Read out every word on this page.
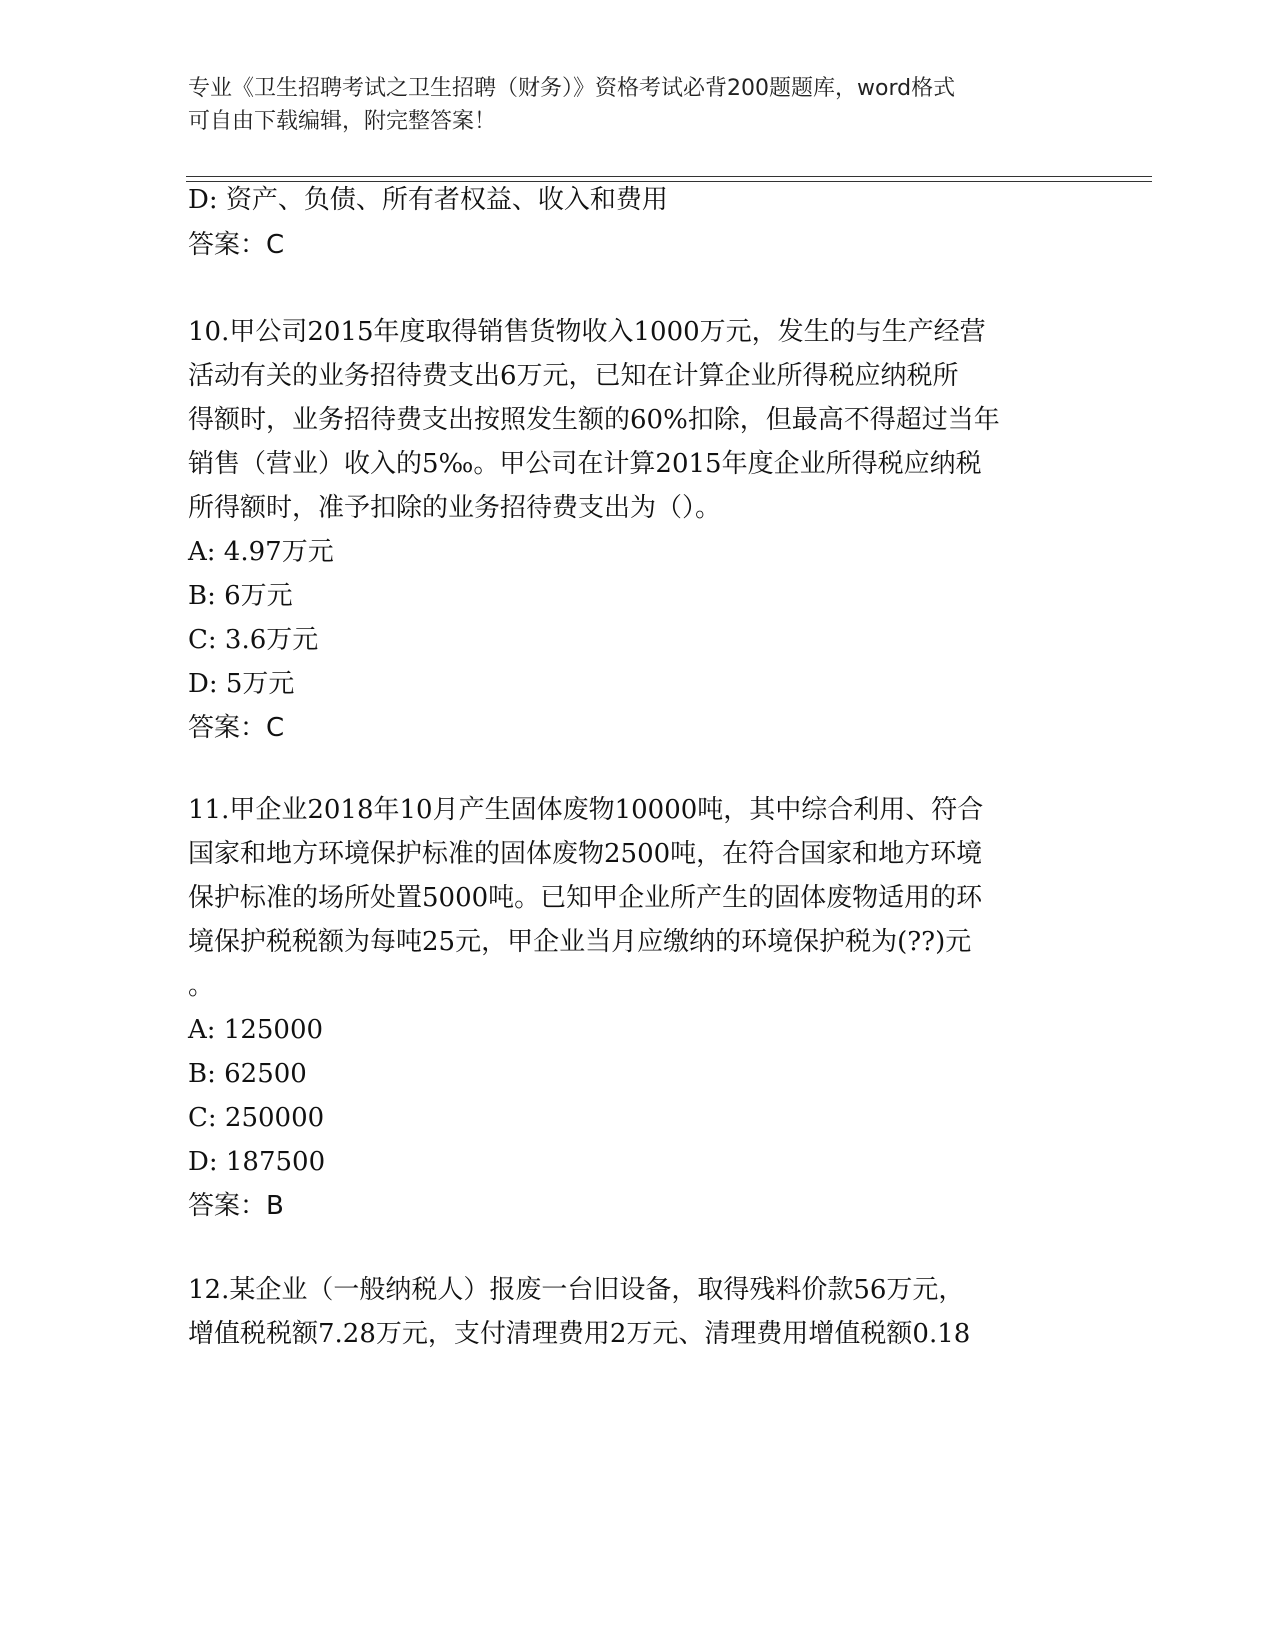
专业《卫生招聘考试之卫生招聘（财务）》资格考试必背200题题库，word格式
可自由下载编辑，附完整答案！
D: 资产、负债、所有者权益、收入和费用
答案：C
10.甲公司2015年度取得销售货物收入1000万元，发生的与生产经营
活动有关的业务招待费支出6万元，已知在计算企业所得税应纳税所
得额时，业务招待费支出按照发生额的60%扣除，但最高不得超过当年
销售（营业）收入的5‰。甲公司在计算2015年度企业所得税应纳税
所得额时，准予扣除的业务招待费支出为（）。
A: 4.97万元
B: 6万元
C: 3.6万元
D: 5万元
答案：C
11.甲企业2018年10月产生固体废物10000吨，其中综合利用、符合
国家和地方环境保护标准的固体废物2500吨，在符合国家和地方环境
保护标准的场所处置5000吨。已知甲企业所产生的固体废物适用的环
境保护税税额为每吨25元，甲企业当月应缴纳的环境保护税为(??)元
。
A: 125000
B: 62500
C: 250000
D: 187500
答案：B
12.某企业（一般纳税人）报废一台旧设备，取得残料价款56万元，
增值税税额7.28万元，支付清理费用2万元、清理费用增值税额0.18
